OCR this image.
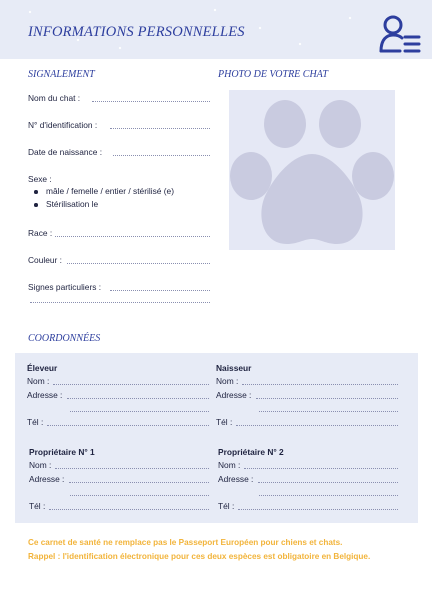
INFORMATIONS PERSONNELLES
SIGNALEMENT
Nom du chat :
N° d'identification :
Date de naissance :
Sexe :
mâle / femelle / entier / stérilisé (e)
Stérilisation le
Race :
Couleur :
Signes particuliers :
PHOTO DE VOTRE CHAT
COORDONNÉES
Éleveur
Nom :
Adresse :
Tél :
Naisseur
Nom :
Adresse :
Tél :
Propriétaire N° 1
Nom :
Adresse :
Tél :
Propriétaire N° 2
Nom :
Adresse :
Tél :
Ce carnet de santé ne remplace pas le Passeport Européen pour chiens et chats.
Rappel : l'identification électronique pour ces deux espèces est obligatoire en Belgique.
